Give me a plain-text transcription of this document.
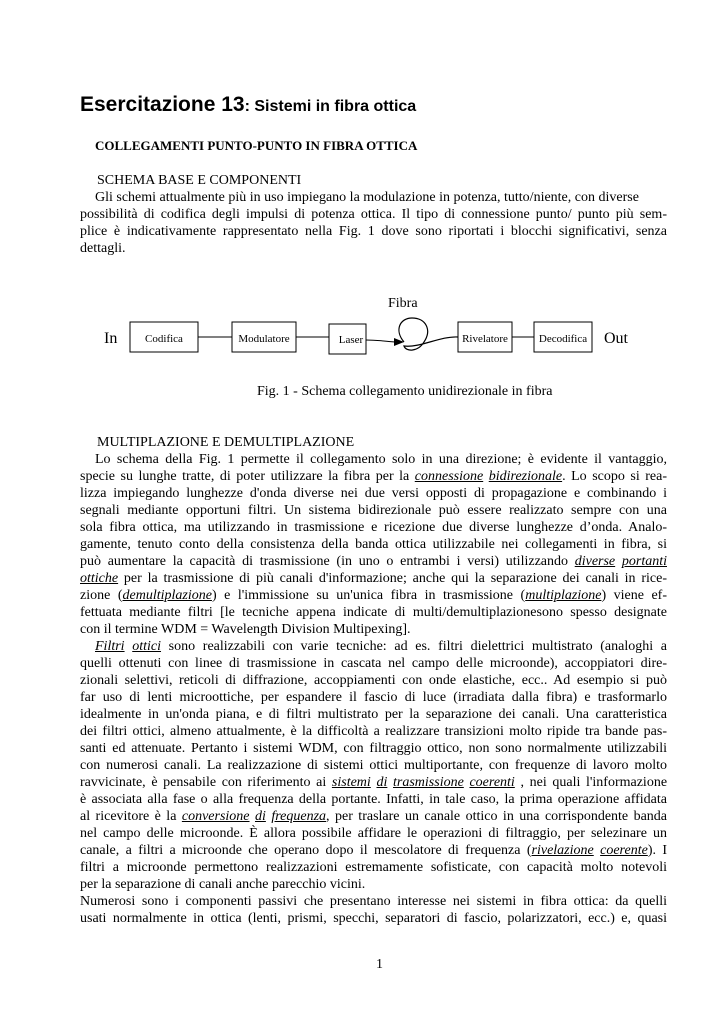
Esercitazione 13: Sistemi in fibra ottica
COLLEGAMENTI PUNTO-PUNTO IN FIBRA OTTICA
SCHEMA BASE E COMPONENTI
Gli schemi attualmente più in uso impiegano la modulazione in potenza, tutto/niente, con diverse
possibilità di codifica degli impulsi di potenza ottica. Il tipo di connessione punto/ punto più sem-
plice è indicativamente rappresentato nella Fig. 1 dove sono riportati i blocchi significativi, senza
dettagli.
Fibra
In	Out
Codifica	Modulatore	Laser	Rivelatore	Decodifica
Fig. 1 - Schema collegamento unidirezionale in fibra
MULTIPLAZIONE E DEMULTIPLAZIONE
Lo schema della Fig. 1 permette il collegamento solo in una direzione; è evidente il vantaggio,
specie su lunghe tratte, di poter utilizzare la fibra per la connessione bidirezionale. Lo scopo si rea-
lizza impiegando lunghezze d'onda diverse nei due versi opposti di propagazione e combinando i
segnali mediante opportuni filtri. Un sistema bidirezionale può essere realizzato sempre con una
sola fibra ottica, ma utilizzando in trasmissione e ricezione due diverse lunghezze d’onda. Analo-
gamente, tenuto conto della consistenza della banda ottica utilizzabile nei collegamenti in fibra, si
può aumentare la capacità di trasmissione (in uno o entrambi i versi) utilizzando diverse portanti
ottiche per la trasmissione di più canali d'informazione; anche qui la separazione dei canali in rice-
zione (demultiplazione) e l'immissione su un'unica fibra in trasmissione (multiplazione) viene ef-
fettuata mediante filtri [le tecniche appena indicate di multi/demultiplazionesono spesso designate
con il termine WDM = Wavelength Division Multipexing].
Filtri ottici sono realizzabili con varie tecniche: ad es. filtri dielettrici multistrato (analoghi a
quelli ottenuti con linee di trasmissione in cascata nel campo delle microonde), accoppiatori dire-
zionali selettivi, reticoli di diffrazione, accoppiamenti con onde elastiche, ecc.. Ad esempio si può
far uso di lenti microottiche, per espandere il fascio di luce (irradiata dalla fibra) e trasformarlo
idealmente in un'onda piana, e di filtri multistrato per la separazione dei canali. Una caratteristica
dei filtri ottici, almeno attualmente, è la difficoltà a realizzare transizioni molto ripide tra bande pas-
santi ed attenuate. Pertanto i sistemi WDM, con filtraggio ottico, non sono normalmente utilizzabili
con numerosi canali. La realizzazione di sistemi ottici multiportante, con frequenze di lavoro molto
ravvicinate, è pensabile con riferimento ai sistemi di trasmissione coerenti , nei quali l'informazione
è associata alla fase o alla frequenza della portante. Infatti, in tale caso, la prima operazione affidata
al ricevitore è la conversione di frequenza, per traslare un canale ottico in una corrispondente banda
nel campo delle microonde. È allora possibile affidare le operazioni di filtraggio, per selezinare un
canale, a filtri a microonde che operano dopo il mescolatore di frequenza (rivelazione coerente). I
filtri a microonde permettono realizzazioni estremamente sofisticate, con capacità molto notevoli
per la separazione di canali anche parecchio vicini.
Numerosi sono i componenti passivi che presentano interesse nei sistemi in fibra ottica: da quelli
usati normalmente in ottica (lenti, prismi, specchi, separatori di fascio, polarizzatori, ecc.) e, quasi
1
